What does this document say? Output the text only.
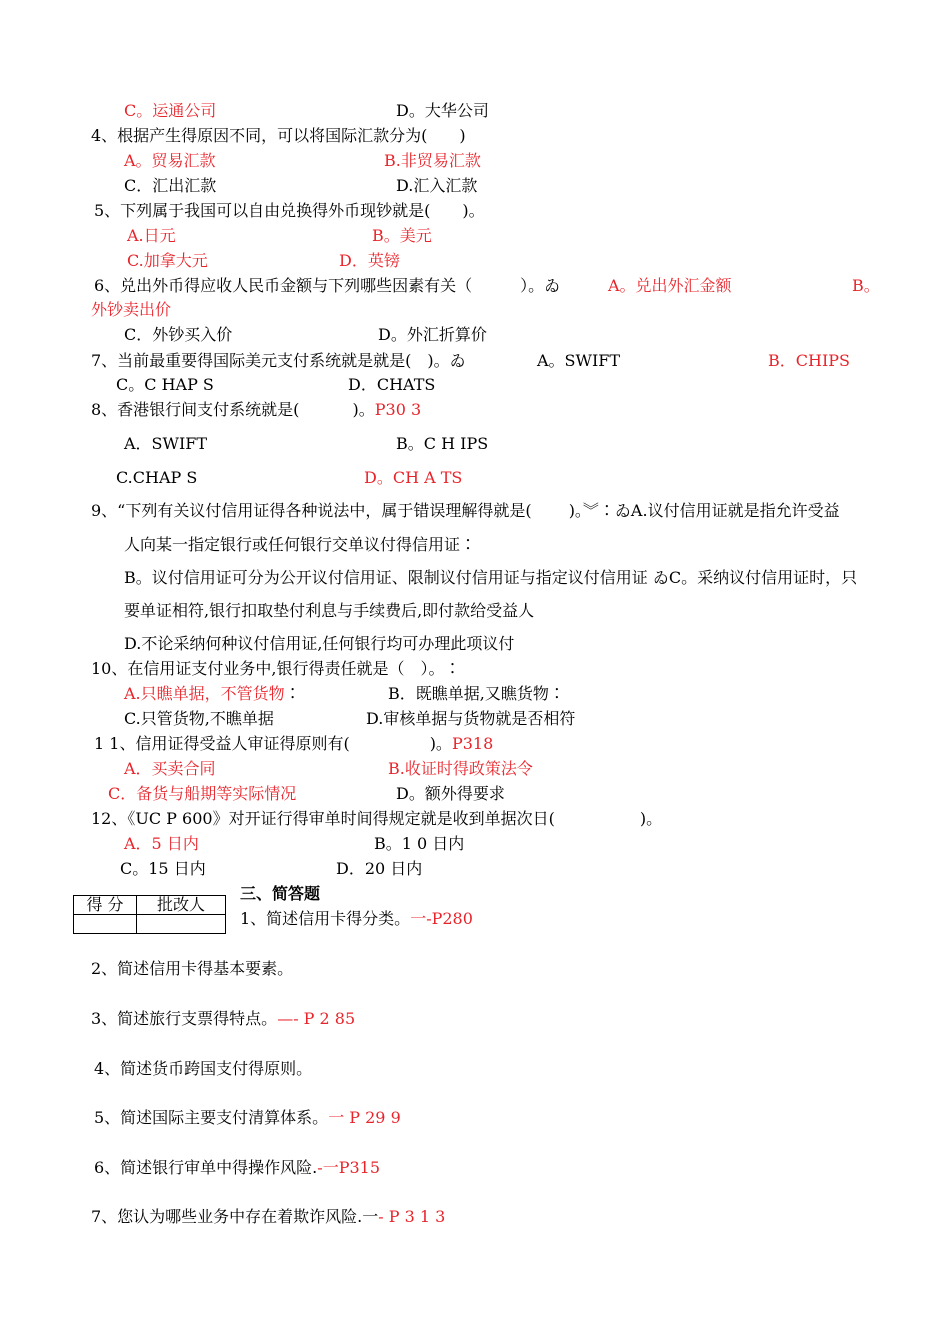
C。运通公司	D。大华公司
4、根据产生得原因不同，可以将国际汇款分为(　　)
A。贸易汇款	B.非贸易汇款
C．汇出汇款	D.汇入汇款
5、下列属于我国可以自由兑换得外币现钞就是(　　)。
A.日元	B。美元
C.加拿大元	D．英镑
6、兑出外币得应收人民币金额与下列哪些因素有关（　　　）。ゐ	A。兑出外汇金额	B。
外钞卖出价
C．外钞买入价	D。外汇折算价
7、当前最重要得国际美元支付系统就是就是(　)。ゐ	A。SWIFT	B．CHIPS
C。C HAP S	D．CHATS
8、香港银行间支付系统就是(　　　 )。P30 3
A．SWIFT	B。C H IPS
C.CHAP S	D。CH A TS
9、“下列有关议付信用证得各种说法中，属于错误理解得就是(　　 )。︾∶ゐA.议付信用证就是指允许受益
人向某一指定银行或任何银行交单议付得信用证∶
B。议付信用证可分为公开议付信用证、限制议付信用证与指定议付信用证 ゐC。采纳议付信用证时，只
要单证相符,银行扣取垫付利息与手续费后,即付款给受益人
D.不论采纳何种议付信用证,任何银行均可办理此项议付
10、在信用证支付业务中,银行得责任就是（　）。∶
A.只瞧单据，不管货物∶	B．既瞧单据,又瞧货物∶
C.只管货物,不瞧单据	D.审核单据与货物就是否相符
1 1、信用证得受益人审证得原则有(　　　　　)。P318
A．买卖合同	B.收证时得政策法令
C．备货与船期等实际情况	D。额外得要求
12、《UC P 600》对开证行得审单时间得规定就是收到单据次日(　　　　　 )。
A．5 日内	B。1 0 日内
C。15 日内	D．20 日内
得 分	批改人

三、简答题
1、简述信用卡得分类。一-P280
2、简述信用卡得基本要素。
3、简述旅行支票得特点。—- P 2 85
4、简述货币跨国支付得原则。
5、简述国际主要支付清算体系。一 P 29 9
6、简述银行审单中得操作风险.-一P315
7、您认为哪些业务中存在着欺诈风险.一- P 3 1 3
